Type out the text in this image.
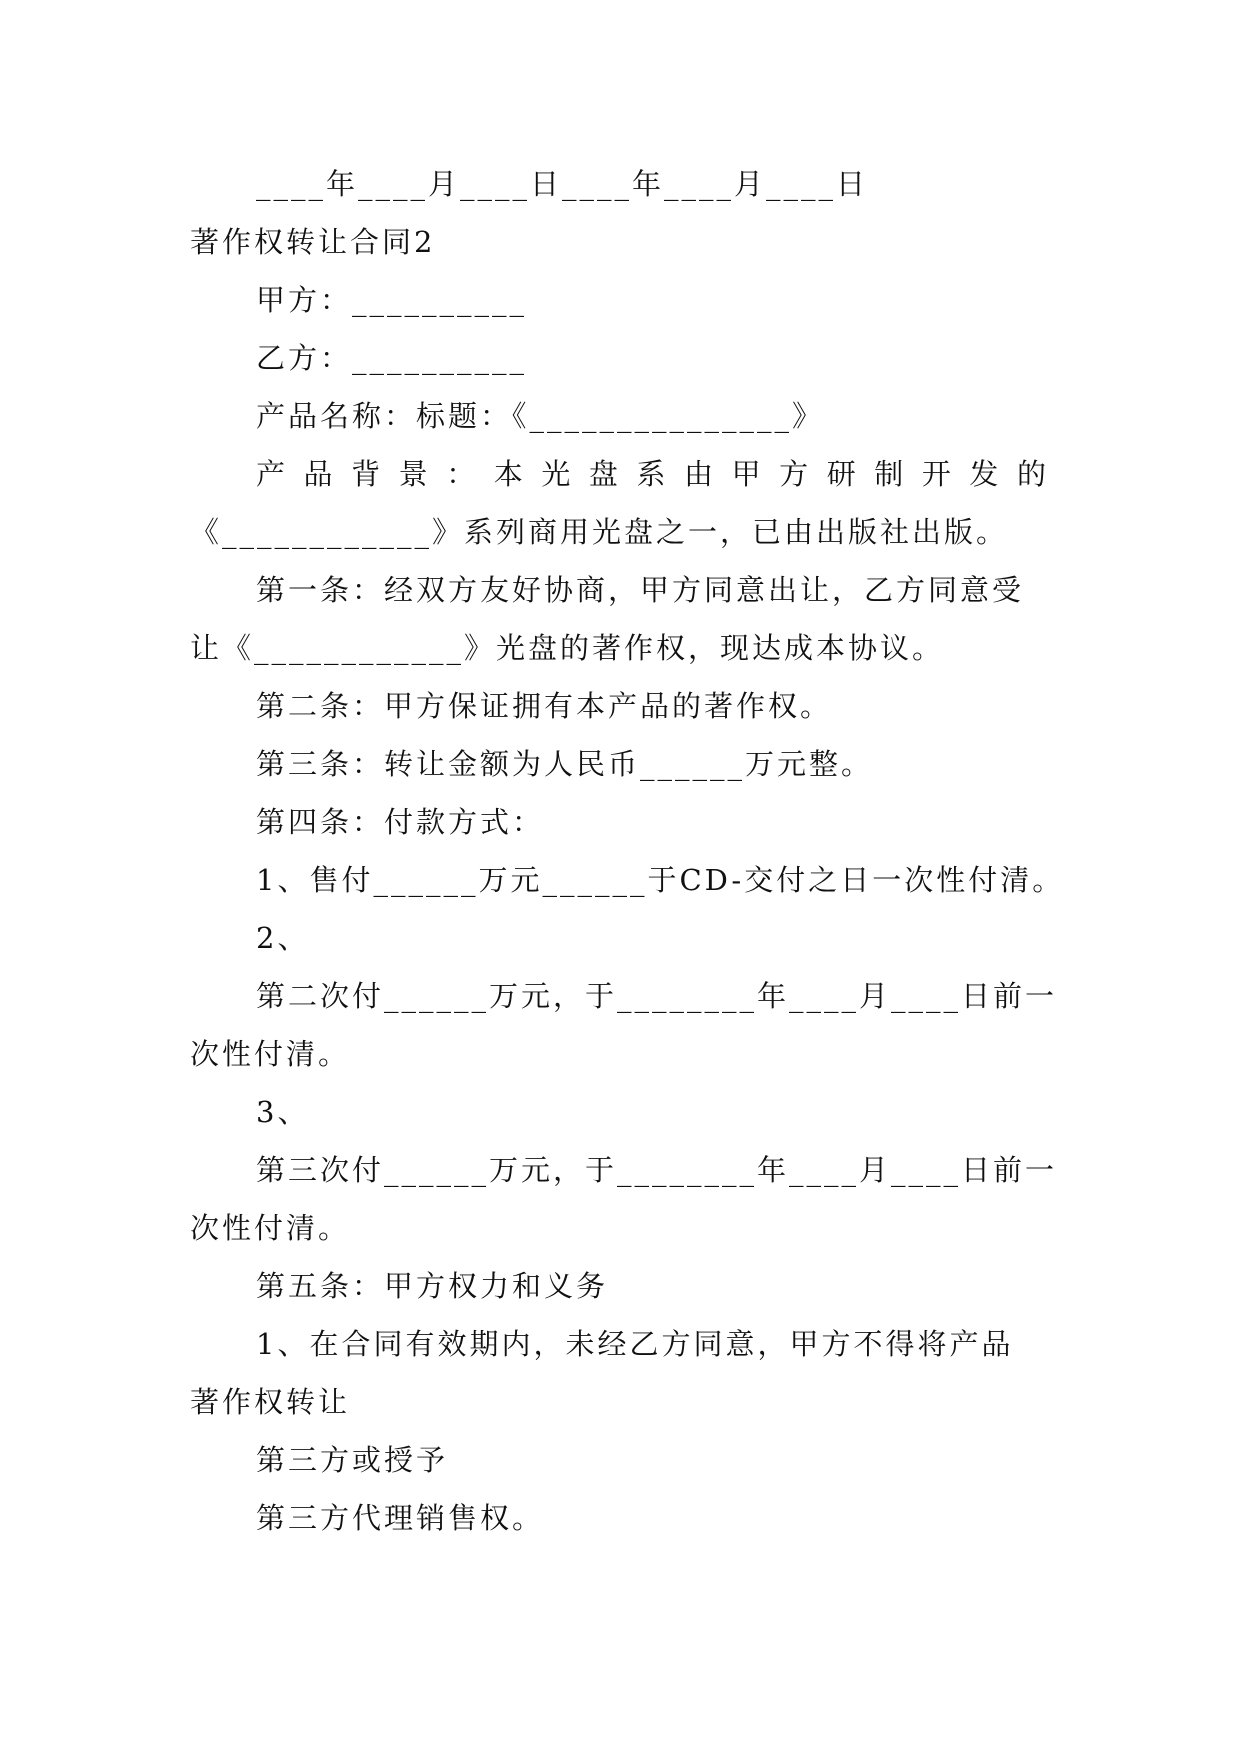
____年____月____日____年____月____日
著作权转让合同2
甲方：__________
乙方：__________
产品名称：标题：《_______________》
产品背景：本光盘系由甲方研制开发的
《____________》系列商用光盘之一，已由出版社出版。
第一条：经双方友好协商，甲方同意出让，乙方同意受
让《____________》光盘的著作权，现达成本协议。
第二条：甲方保证拥有本产品的著作权。
第三条：转让金额为人民币______万元整。
第四条：付款方式：
1、售付______万元______于CD-交付之日一次性付清。
2、
第二次付______万元，于________年____月____日前一
次性付清。
3、
第三次付______万元，于________年____月____日前一
次性付清。
第五条：甲方权力和义务
1、在合同有效期内，未经乙方同意，甲方不得将产品
著作权转让
第三方或授予
第三方代理销售权。
